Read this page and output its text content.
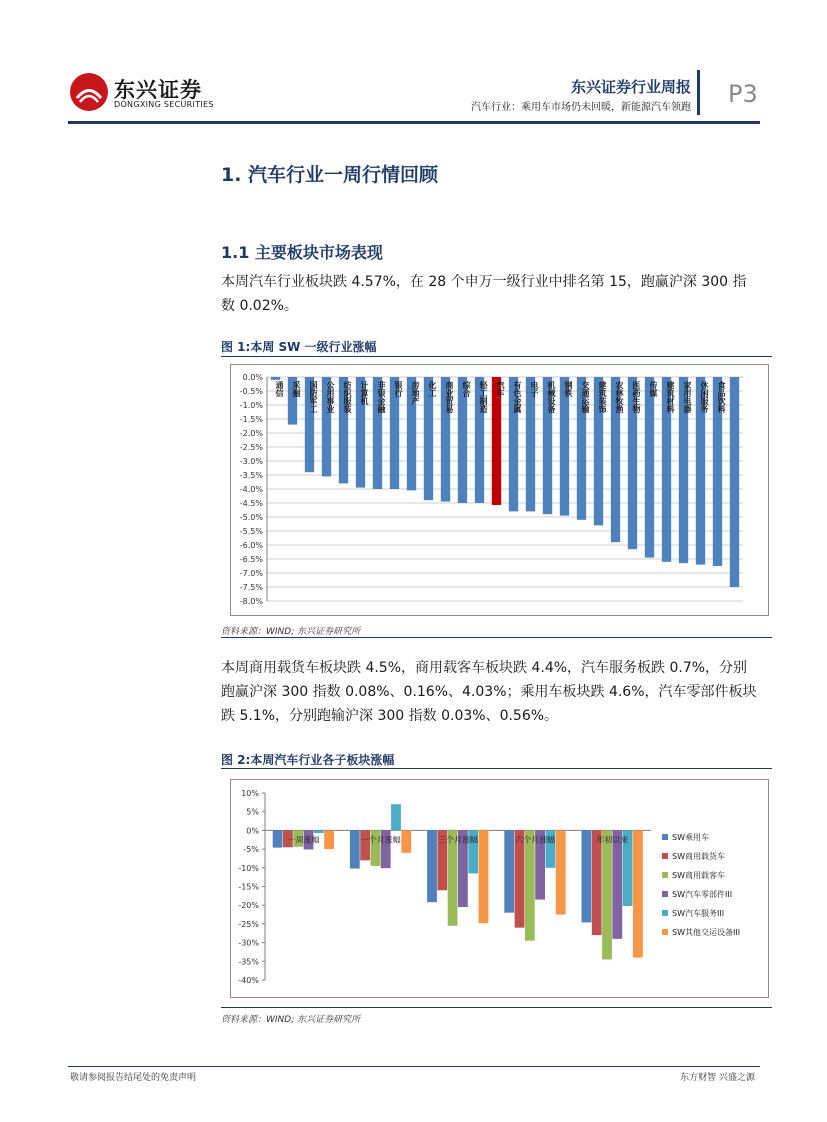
东兴证券
DONGXING SECURITIES
东兴证券行业周报
汽车行业：乘用车市场仍未回暖，新能源汽车领跑 P3
1. 汽车行业一周行情回顾
1.1 主要板块市场表现
本周汽车行业板块跌 4.57%，在 28 个申万一级行业中排名第 15，跑赢沪深 300 指
数 0.02%。
图 1:本周 SW 一级行业涨幅
0.0%
-0.5%
-1.0%
-1.5%
-2.0%
-2.5%
-3.0%
-3.5%
-4.0%
-4.5%
-5.0%
-5.5%
-6.0%
-6.5%
-7.0%
-7.5%
-8.0%
通信 采掘 国防军工 公用事业 纺织服装 计算机 非银金融 银行 房地产 化工 商业贸易 综合 轻工制造 汽车 有色金属 电子 机械设备 钢铁 交通运输 建筑装饰 农林牧渔 医药生物 传媒 建筑材料 家用电器 休闲服务 食品饮料
资料来源：WIND; 东兴证券研究所
本周商用载货车板块跌 4.5%，商用载客车板块跌 4.4%，汽车服务板跌 0.7%，分别
跑赢沪深 300 指数 0.08%、0.16%、4.03%；乘用车板块跌 4.6%，汽车零部件板块
跌 5.1%，分别跑输沪深 300 指数 0.03%、0.56%。
图 2:本周汽车行业各子板块涨幅
10%
5%
0%
-5%
-10%
-15%
-20%
-25%
-30%
-35%
-40%
一周涨幅	一个月涨幅	三个月涨幅	六个月涨幅	年初以来	SW乘用车
SW商用载货车
SW商用载客车
SW汽车零部件III
SW汽车服务III
SW其他交运设备III
资料来源：WIND; 东兴证券研究所
敬请参阅报告结尾处的免责声明	东方财智 兴盛之源
